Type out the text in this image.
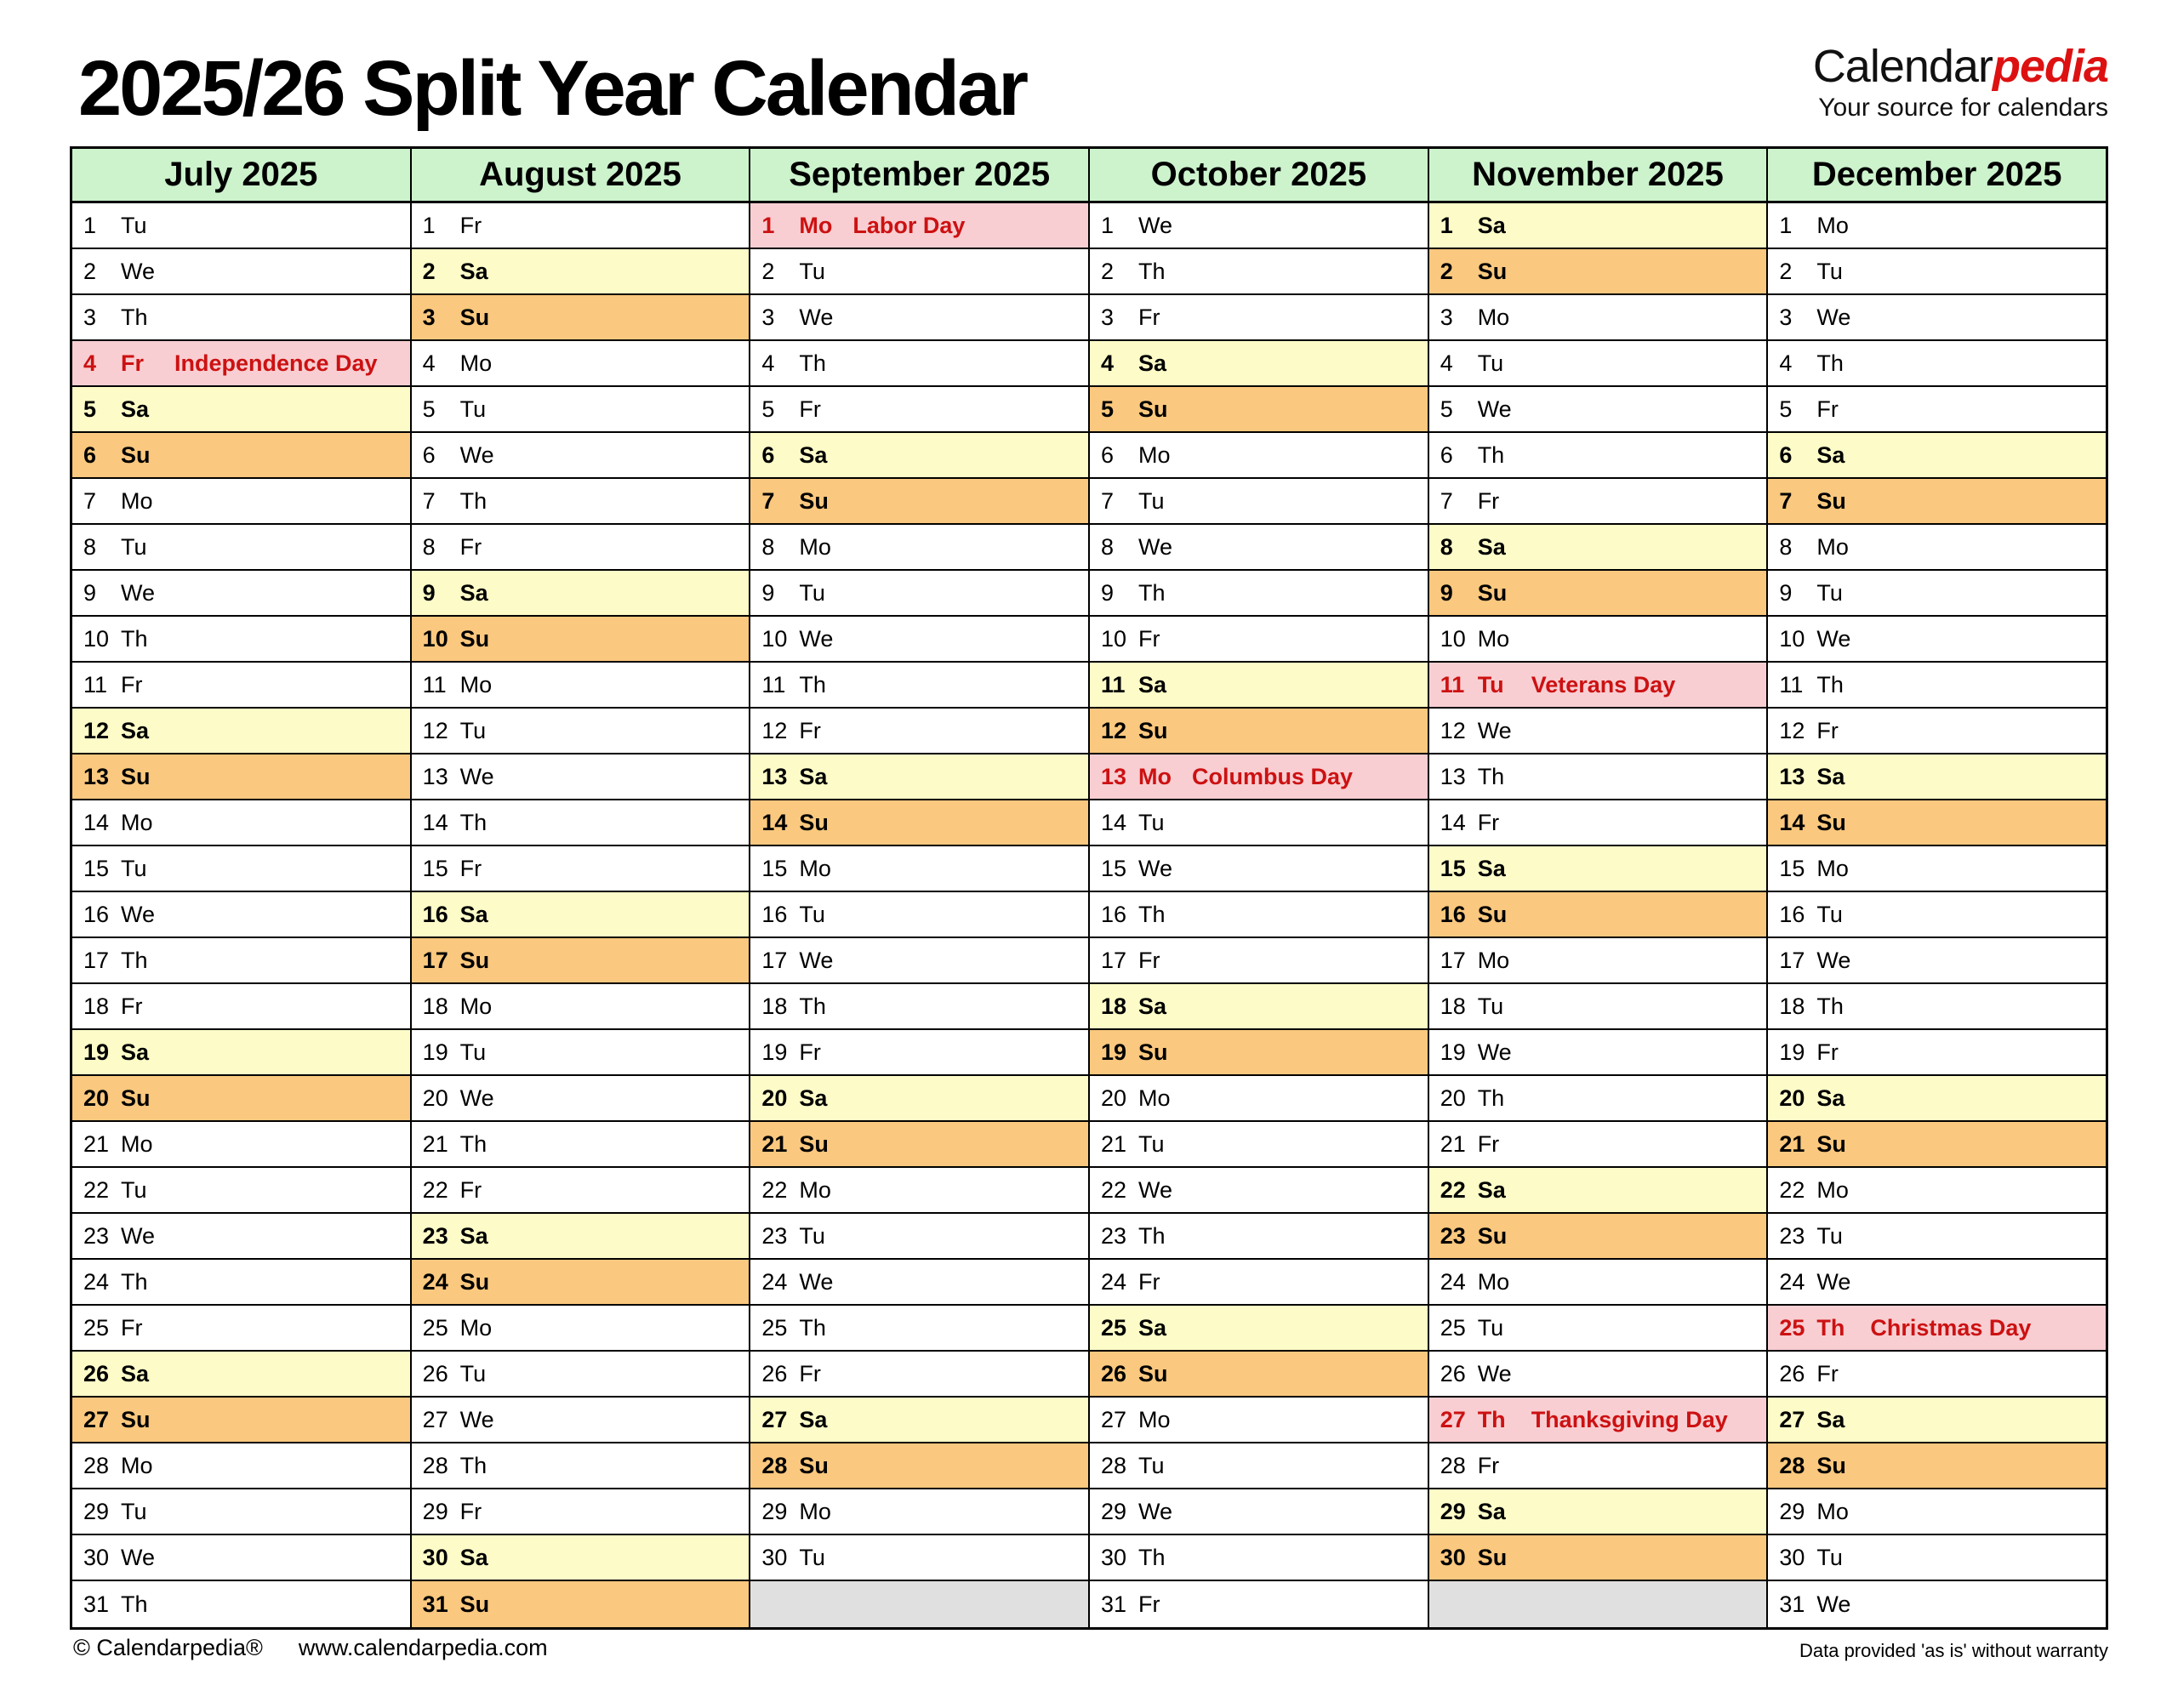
2025/26 Split Year Calendar	Calendarpedia
Your source for calendars
July 2025
1	Tu
2	We
3	Th
4	Fr	Independence Day
5	Sa
6	Su
7	Mo
8	Tu
9	We
10 Th
11 Fr
12 Sa
13 Su
14 Mo
15 Tu
16 We
17 Th
18 Fr
19 Sa
20 Su
21 Mo
22 Tu
23 We
24 Th
25 Fr
26 Sa
27 Su
28 Mo
29 Tu
30 We
31 Th
August 2025
1	Fr
2	Sa
3	Su
4	Mo
5	Tu
6	We
7	Th
8	Fr
9	Sa
10 Su
11 Mo
12 Tu
13 We
14 Th
15 Fr
16 Sa
17 Su
18 Mo
19 Tu
20 We
21 Th
22 Fr
23 Sa
24 Su
25 Mo
26 Tu
27 We
28 Th
29 Fr
30 Sa
31 Su
September 2025
1	Mo Labor Day
2	Tu
3	We
4	Th
5	Fr
6	Sa
7	Su
8	Mo
9	Tu
10 We
11 Th
12 Fr
13 Sa
14 Su
15 Mo
16 Tu
17 We
18 Th
19 Fr
20 Sa
21 Su
22 Mo
23 Tu
24 We
25 Th
26 Fr
27 Sa
28 Su
29 Mo
30 Tu
October 2025
1	We
2	Th
3	Fr
4	Sa
5	Su
6	Mo
7	Tu
8	We
9	Th
10 Fr
11 Sa
12 Su
13 Mo Columbus Day
14 Tu
15 We
16 Th
17 Fr
18 Sa
19 Su
20 Mo
21 Tu
22 We
23 Th
24 Fr
25 Sa
26 Su
27 Mo
28 Tu
29 We
30 Th
31 Fr
November 2025
1	Sa
2	Su
3	Mo
4	Tu
5	We
6	Th
7	Fr
8	Sa
9	Su
10 Mo
11 Tu	Veterans Day
12 We
13 Th
14 Fr
15 Sa
16 Su
17 Mo
18 Tu
19 We
20 Th
21 Fr
22 Sa
23 Su
24 Mo
25 Tu
26 We
27 Th	Thanksgiving Day
28 Fr
29 Sa
30 Su
December 2025
1	Mo
2	Tu
3	We
4	Th
5	Fr
6	Sa
7	Su
8	Mo
9	Tu
10 We
11 Th
12 Fr
13 Sa
14 Su
15 Mo
16 Tu
17 We
18 Th
19 Fr
20 Sa
21 Su
22 Mo
23 Tu
24 We
25 Th	Christmas Day
26 Fr
27 Sa
28 Su
29 Mo
30 Tu
31 We
© Calendarpedia® www.calendarpedia.com	Data provided 'as is' without warranty
